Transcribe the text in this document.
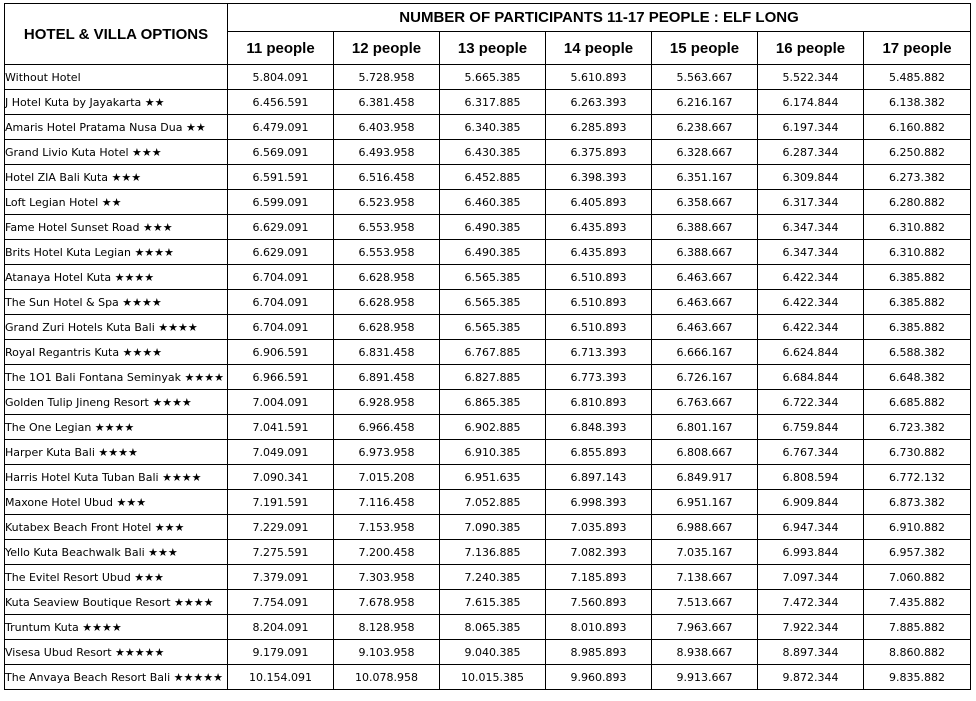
HOTEL & VILLA OPTIONS	NUMBER OF PARTICIPANTS 11-17 PEOPLE : ELF LONG						
	11 people	12 people	13 people	14 people	15 people	16 people	17 people
Without Hotel	5.804.091	5.728.958	5.665.385	5.610.893	5.563.667	5.522.344	5.485.882
J Hotel Kuta by Jayakarta ★★	6.456.591	6.381.458	6.317.885	6.263.393	6.216.167	6.174.844	6.138.382
Amaris Hotel Pratama Nusa Dua ★★	6.479.091	6.403.958	6.340.385	6.285.893	6.238.667	6.197.344	6.160.882
Grand Livio Kuta Hotel ★★★	6.569.091	6.493.958	6.430.385	6.375.893	6.328.667	6.287.344	6.250.882
Hotel ZIA Bali Kuta ★★★	6.591.591	6.516.458	6.452.885	6.398.393	6.351.167	6.309.844	6.273.382
Loft Legian Hotel ★★	6.599.091	6.523.958	6.460.385	6.405.893	6.358.667	6.317.344	6.280.882
Fame Hotel Sunset Road ★★★	6.629.091	6.553.958	6.490.385	6.435.893	6.388.667	6.347.344	6.310.882
Brits Hotel Kuta Legian ★★★★	6.629.091	6.553.958	6.490.385	6.435.893	6.388.667	6.347.344	6.310.882
Atanaya Hotel Kuta ★★★★	6.704.091	6.628.958	6.565.385	6.510.893	6.463.667	6.422.344	6.385.882
The Sun Hotel & Spa ★★★★	6.704.091	6.628.958	6.565.385	6.510.893	6.463.667	6.422.344	6.385.882
Grand Zuri Hotels Kuta Bali ★★★★	6.704.091	6.628.958	6.565.385	6.510.893	6.463.667	6.422.344	6.385.882
Royal Regantris Kuta ★★★★	6.906.591	6.831.458	6.767.885	6.713.393	6.666.167	6.624.844	6.588.382
The 1O1 Bali Fontana Seminyak ★★★★	6.966.591	6.891.458	6.827.885	6.773.393	6.726.167	6.684.844	6.648.382
Golden Tulip Jineng Resort ★★★★	7.004.091	6.928.958	6.865.385	6.810.893	6.763.667	6.722.344	6.685.882
The One Legian ★★★★	7.041.591	6.966.458	6.902.885	6.848.393	6.801.167	6.759.844	6.723.382
Harper Kuta Bali ★★★★	7.049.091	6.973.958	6.910.385	6.855.893	6.808.667	6.767.344	6.730.882
Harris Hotel Kuta Tuban Bali ★★★★	7.090.341	7.015.208	6.951.635	6.897.143	6.849.917	6.808.594	6.772.132
Maxone Hotel Ubud ★★★	7.191.591	7.116.458	7.052.885	6.998.393	6.951.167	6.909.844	6.873.382
Kutabex Beach Front Hotel ★★★	7.229.091	7.153.958	7.090.385	7.035.893	6.988.667	6.947.344	6.910.882
Yello Kuta Beachwalk Bali ★★★	7.275.591	7.200.458	7.136.885	7.082.393	7.035.167	6.993.844	6.957.382
The Evitel Resort Ubud ★★★	7.379.091	7.303.958	7.240.385	7.185.893	7.138.667	7.097.344	7.060.882
Kuta Seaview Boutique Resort ★★★★	7.754.091	7.678.958	7.615.385	7.560.893	7.513.667	7.472.344	7.435.882
Truntum Kuta ★★★★	8.204.091	8.128.958	8.065.385	8.010.893	7.963.667	7.922.344	7.885.882
Visesa Ubud Resort ★★★★★	9.179.091	9.103.958	9.040.385	8.985.893	8.938.667	8.897.344	8.860.882
The Anvaya Beach Resort Bali ★★★★★	10.154.091	10.078.958	10.015.385	9.960.893	9.913.667	9.872.344	9.835.882
